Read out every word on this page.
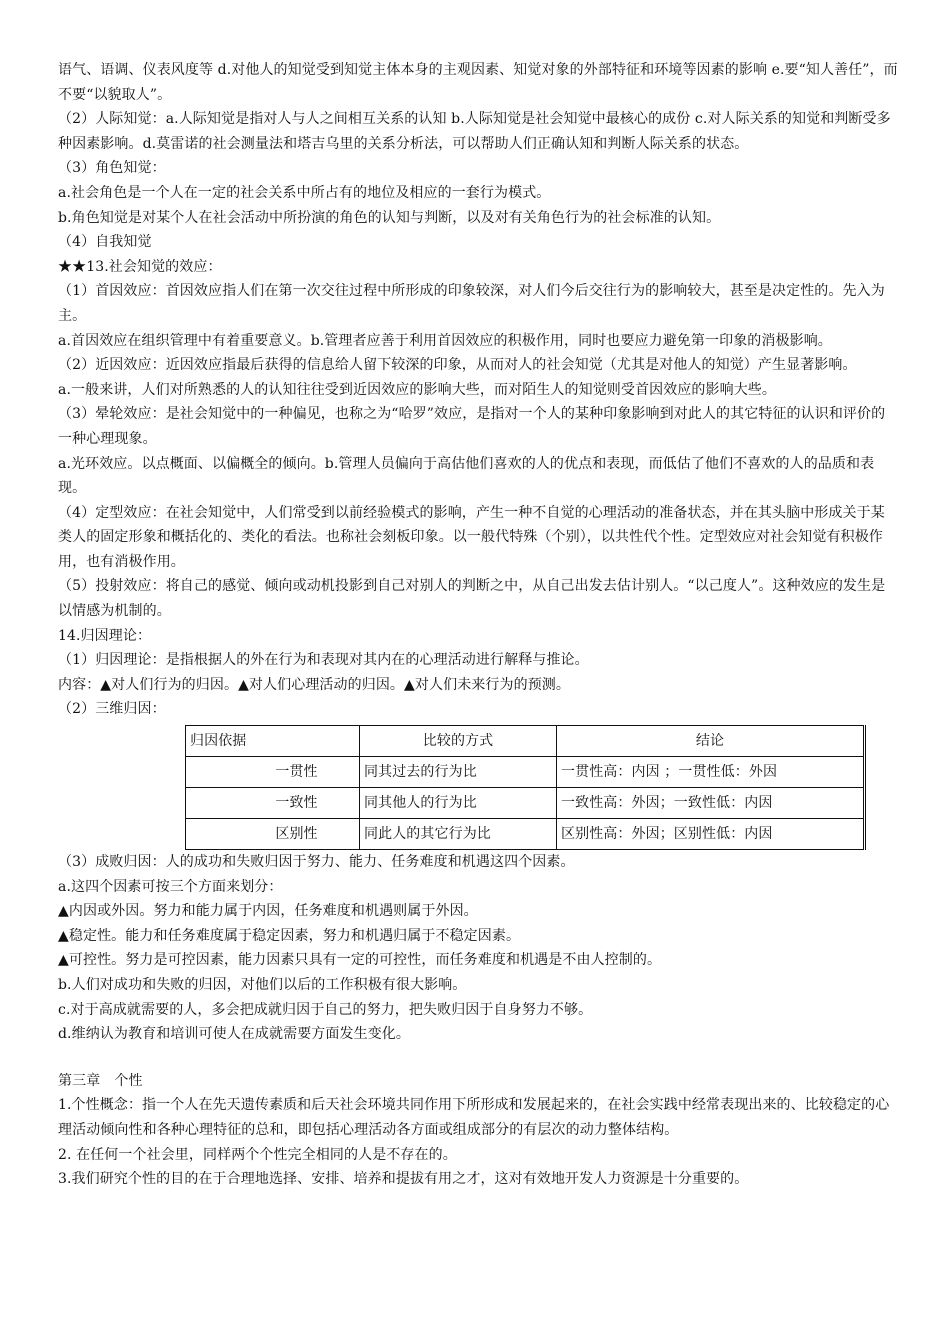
语气、语调、仪表风度等 d.对他人的知觉受到知觉主体本身的主观因素、知觉对象的外部特征和环境等因素的影响 e.要“知人善任”，而不要“以貌取人”。

（2）人际知觉：a.人际知觉是指对人与人之间相互关系的认知 b.人际知觉是社会知觉中最核心的成份 c.对人际关系的知觉和判断受多种因素影响。d.莫雷诺的社会测量法和塔吉乌里的关系分析法，可以帮助人们正确认知和判断人际关系的状态。

（3）角色知觉：

a.社会角色是一个人在一定的社会关系中所占有的地位及相应的一套行为模式。

b.角色知觉是对某个人在社会活动中所扮演的角色的认知与判断，以及对有关角色行为的社会标准的认知。

（4）自我知觉

★★13.社会知觉的效应：

（1）首因效应：首因效应指人们在第一次交往过程中所形成的印象较深，对人们今后交往行为的影响较大，甚至是决定性的。先入为主。

a.首因效应在组织管理中有着重要意义。b.管理者应善于利用首因效应的积极作用，同时也要应力避免第一印象的消极影响。

（2）近因效应：近因效应指最后获得的信息给人留下较深的印象，从而对人的社会知觉（尤其是对他人的知觉）产生显著影响。

a.一般来讲，人们对所熟悉的人的认知往往受到近因效应的影响大些，而对陌生人的知觉则受首因效应的影响大些。

（3）晕轮效应：是社会知觉中的一种偏见，也称之为“哈罗”效应，是指对一个人的某种印象影响到对此人的其它特征的认识和评价的一种心理现象。

a.光环效应。以点概面、以偏概全的倾向。b.管理人员偏向于高估他们喜欢的人的优点和表现，而低估了他们不喜欢的人的品质和表现。

（4）定型效应：在社会知觉中，人们常受到以前经验模式的影响，产生一种不自觉的心理活动的准备状态，并在其头脑中形成关于某类人的固定形象和概括化的、类化的看法。也称社会刻板印象。以一般代特殊（个别），以共性代个性。定型效应对社会知觉有积极作用，也有消极作用。

（5）投射效应：将自己的感觉、倾向或动机投影到自己对别人的判断之中，从自己出发去估计别人。“以己度人”。这种效应的发生是以情感为机制的。

14.归因理论：

（1）归因理论：是指根据人的外在行为和表现对其内在的心理活动进行解释与推论。

内容：▲对人们行为的归因。▲对人们心理活动的归因。▲对人们未来行为的预测。

（2）三维归因：

归因依据	比较的方式	结论
一贯性	同其过去的行为比	一贯性高：内因 ；一贯性低：外因
一致性	同其他人的行为比	一致性高：外因；一致性低：内因
区别性	同此人的其它行为比	区别性高：外因；区别性低：内因

（3）成败归因：人的成功和失败归因于努力、能力、任务难度和机遇这四个因素。

a.这四个因素可按三个方面来划分：

▲内因或外因。努力和能力属于内因，任务难度和机遇则属于外因。

▲稳定性。能力和任务难度属于稳定因素，努力和机遇归属于不稳定因素。

▲可控性。努力是可控因素，能力因素只具有一定的可控性，而任务难度和机遇是不由人控制的。

b.人们对成功和失败的归因，对他们以后的工作积极有很大影响。

c.对于高成就需要的人，多会把成就归因于自己的努力，把失败归因于自身努力不够。

d.维纳认为教育和培训可使人在成就需要方面发生变化。

第三章　个性

1.个性概念：指一个人在先天遗传素质和后天社会环境共同作用下所形成和发展起来的，在社会实践中经常表现出来的、比较稳定的心理活动倾向性和各种心理特征的总和，即包括心理活动各方面或组成部分的有层次的动力整体结构。

2. 在任何一个社会里，同样两个个性完全相同的人是不存在的。

3.我们研究个性的目的在于合理地选择、安排、培养和提拔有用之才，这对有效地开发人力资源是十分重要的。
